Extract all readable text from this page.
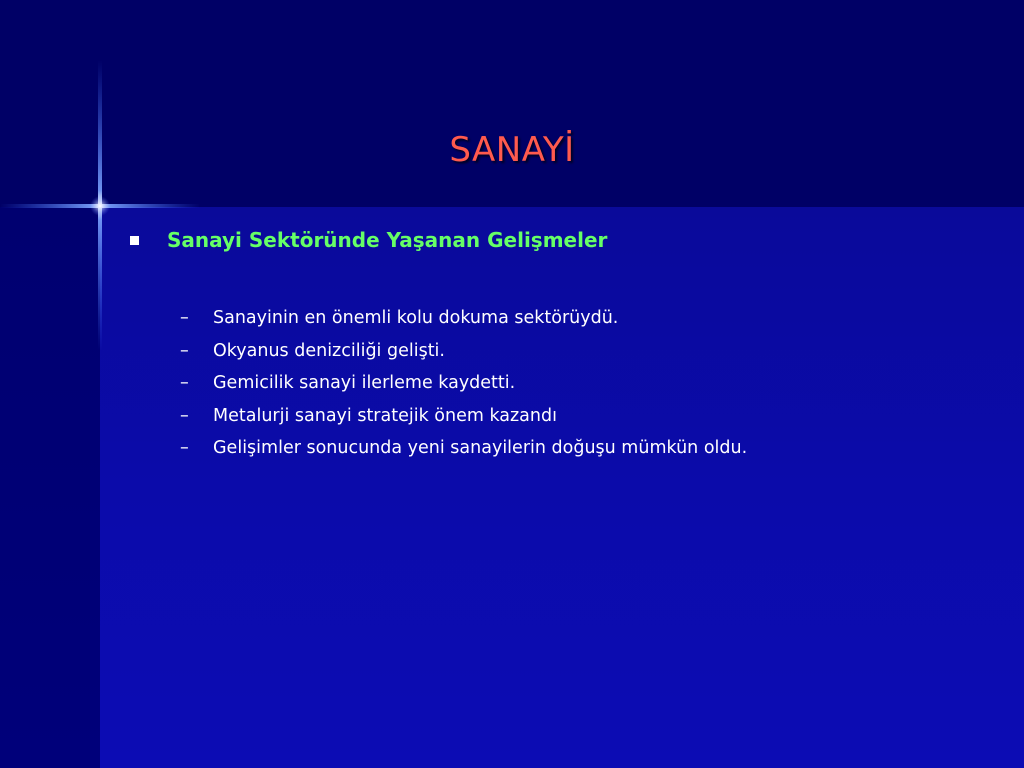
SANAYİ
Sanayi Sektöründe Yaşanan Gelişmeler
–	Sanayinin en önemli kolu dokuma sektörüydü.
–	Okyanus denizciliği gelişti.
–	Gemicilik sanayi ilerleme kaydetti.
–	Metalurji sanayi stratejik önem kazandı
–	Gelişimler sonucunda yeni sanayilerin doğuşu mümkün oldu.
